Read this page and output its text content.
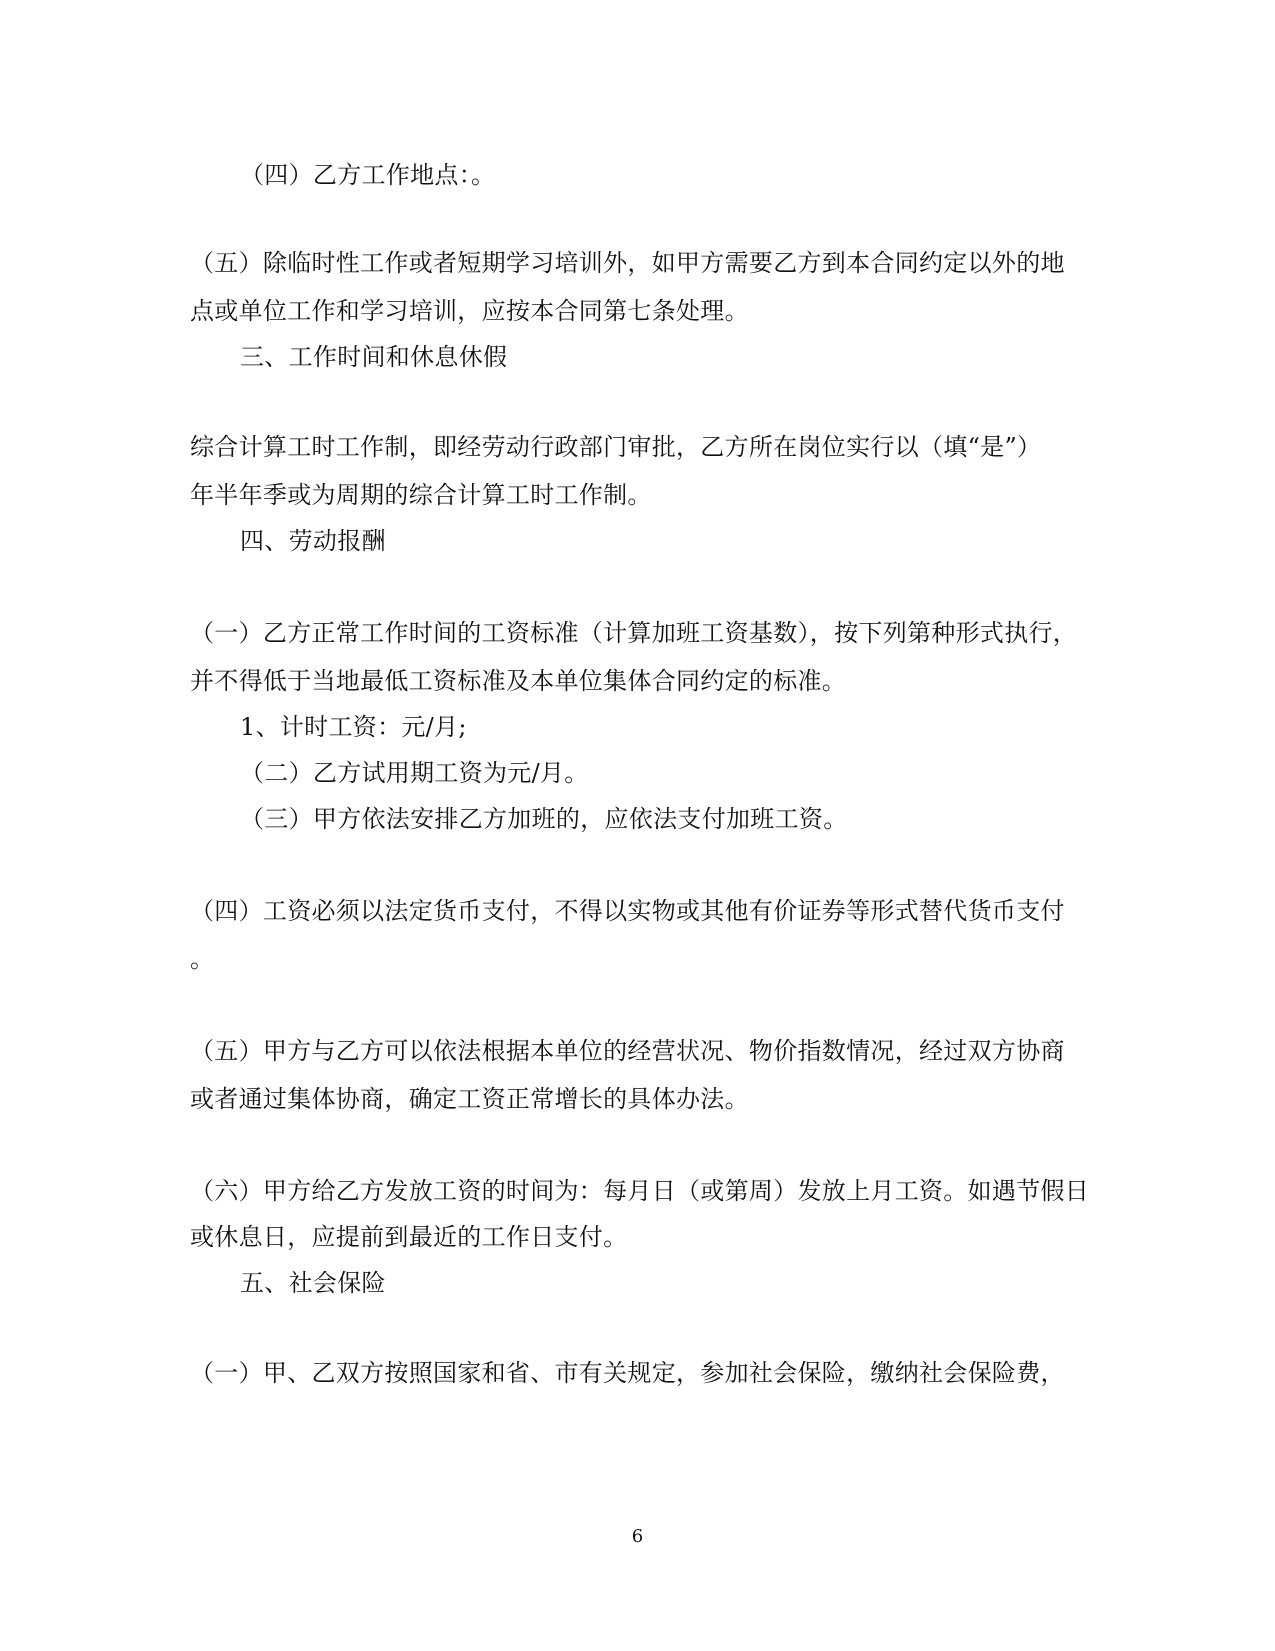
（四）乙方工作地点：。
（五）除临时性工作或者短期学习培训外，如甲方需要乙方到本合同约定以外的地
点或单位工作和学习培训，应按本合同第七条处理。
三、工作时间和休息休假
综合计算工时工作制，即经劳动行政部门审批，乙方所在岗位实行以（填“是”）
年半年季或为周期的综合计算工时工作制。
四、劳动报酬
（一）乙方正常工作时间的工资标准（计算加班工资基数），按下列第种形式执行，
并不得低于当地最低工资标准及本单位集体合同约定的标准。
1、计时工资：元/月;
（二）乙方试用期工资为元/月。
（三）甲方依法安排乙方加班的，应依法支付加班工资。
（四）工资必须以法定货币支付，不得以实物或其他有价证券等形式替代货币支付
。
（五）甲方与乙方可以依法根据本单位的经营状况、物价指数情况，经过双方协商
或者通过集体协商，确定工资正常增长的具体办法。
（六）甲方给乙方发放工资的时间为：每月日（或第周）发放上月工资。如遇节假日
或休息日，应提前到最近的工作日支付。
五、社会保险
（一）甲、乙双方按照国家和省、市有关规定，参加社会保险，缴纳社会保险费，
6
